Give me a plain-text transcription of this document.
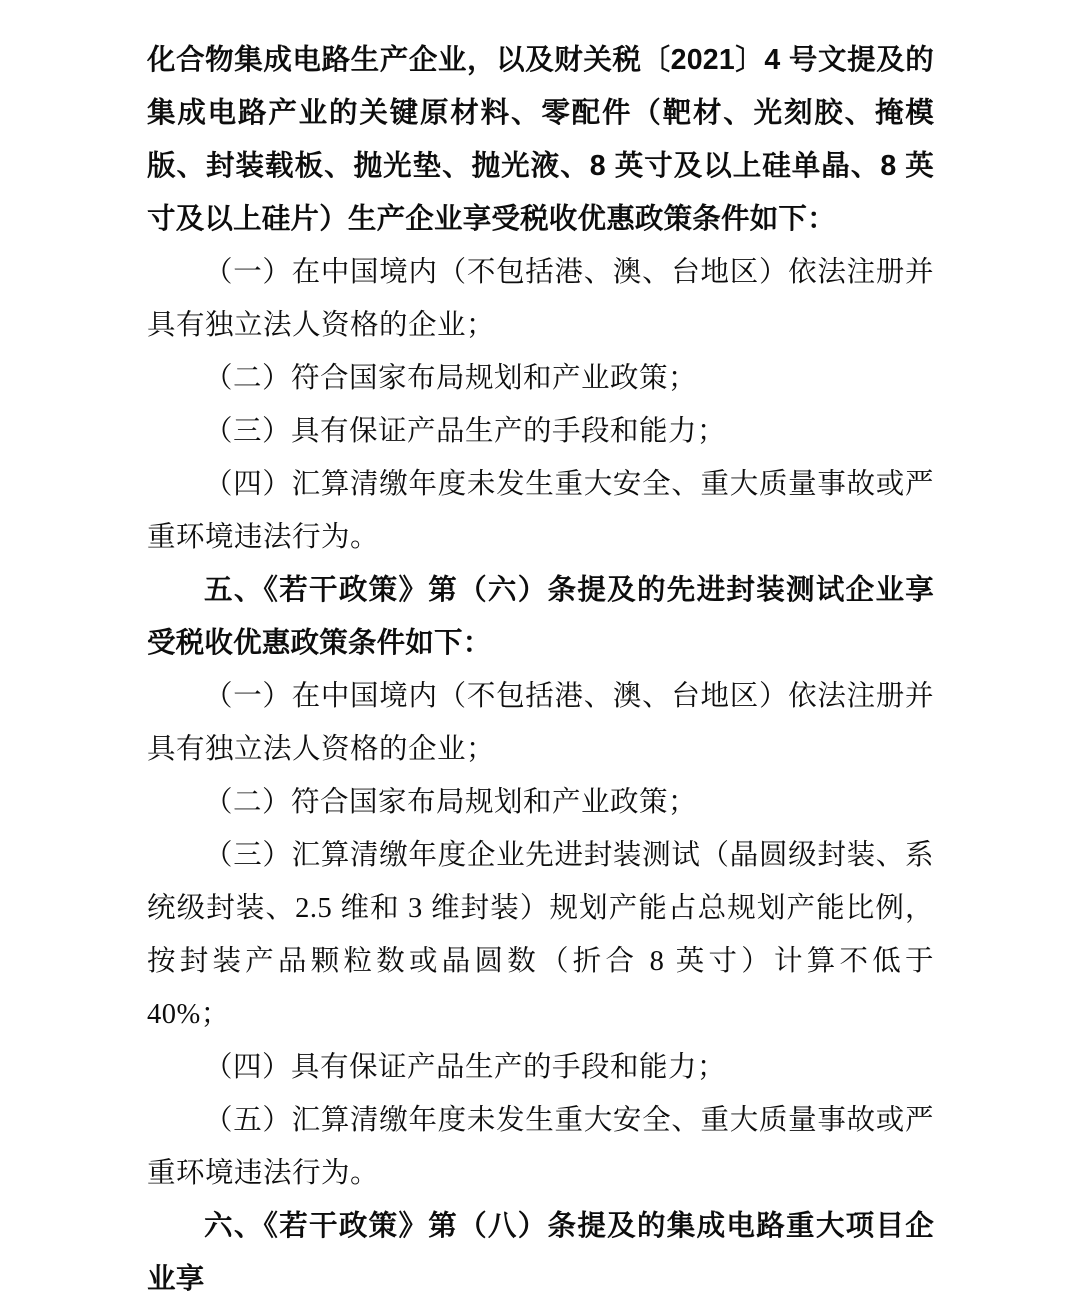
化合物集成电路生产企业，以及财关税〔2021〕4 号文提及的集成电路产业的关键原材料、零配件（靶材、光刻胶、掩模版、封装载板、抛光垫、抛光液、8 英寸及以上硅单晶、8 英寸及以上硅片）生产企业享受税收优惠政策条件如下：

（一）在中国境内（不包括港、澳、台地区）依法注册并具有独立法人资格的企业；

（二）符合国家布局规划和产业政策；

（三）具有保证产品生产的手段和能力；

（四）汇算清缴年度未发生重大安全、重大质量事故或严重环境违法行为。

五、《若干政策》第（六）条提及的先进封装测试企业享受税收优惠政策条件如下：

（一）在中国境内（不包括港、澳、台地区）依法注册并具有独立法人资格的企业；

（二）符合国家布局规划和产业政策；

（三）汇算清缴年度企业先进封装测试（晶圆级封装、系统级封装、2.5 维和 3 维封装）规划产能占总规划产能比例，按封装产品颗粒数或晶圆数（折合 8 英寸）计算不低于 40%；

（四）具有保证产品生产的手段和能力；

（五）汇算清缴年度未发生重大安全、重大质量事故或严重环境违法行为。

六、《若干政策》第（八）条提及的集成电路重大项目企业享
